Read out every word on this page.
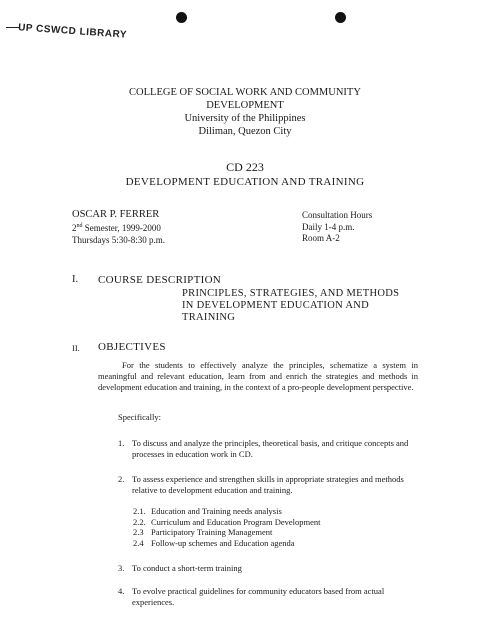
UP CSWCD LIBRARY
COLLEGE OF SOCIAL WORK AND COMMUNITY
DEVELOPMENT
University of the Philippines
Diliman, Quezon City
CD 223
DEVELOPMENT EDUCATION AND TRAINING
OSCAR P. FERRER
2nd Semester, 1999-2000
Thursdays 5:30-8:30 p.m.
Consultation Hours
Daily 1-4 p.m.
Room A-2
I. COURSE DESCRIPTION
PRINCIPLES, STRATEGIES, AND METHODS
IN DEVELOPMENT EDUCATION AND
TRAINING
II. OBJECTIVES
For the students to effectively analyze the principles, schematize a system in meaningful and relevant education, learn from and enrich the strategies and methods in development education and training, in the context of a pro-people development perspective.
Specifically:
1. To discuss and analyze the principles, theoretical basis, and critique concepts and processes in education work in CD.
2. To assess experience and strengthen skills in appropriate strategies and methods relative to development education and training.
2.1. Education and Training needs analysis
2.2. Curriculum and Education Program Development
2.3 Participatory Training Management
2.4 Follow-up schemes and Education agenda
3. To conduct a short-term training
4. To evolve practical guidelines for community educators based from actual experiences.
